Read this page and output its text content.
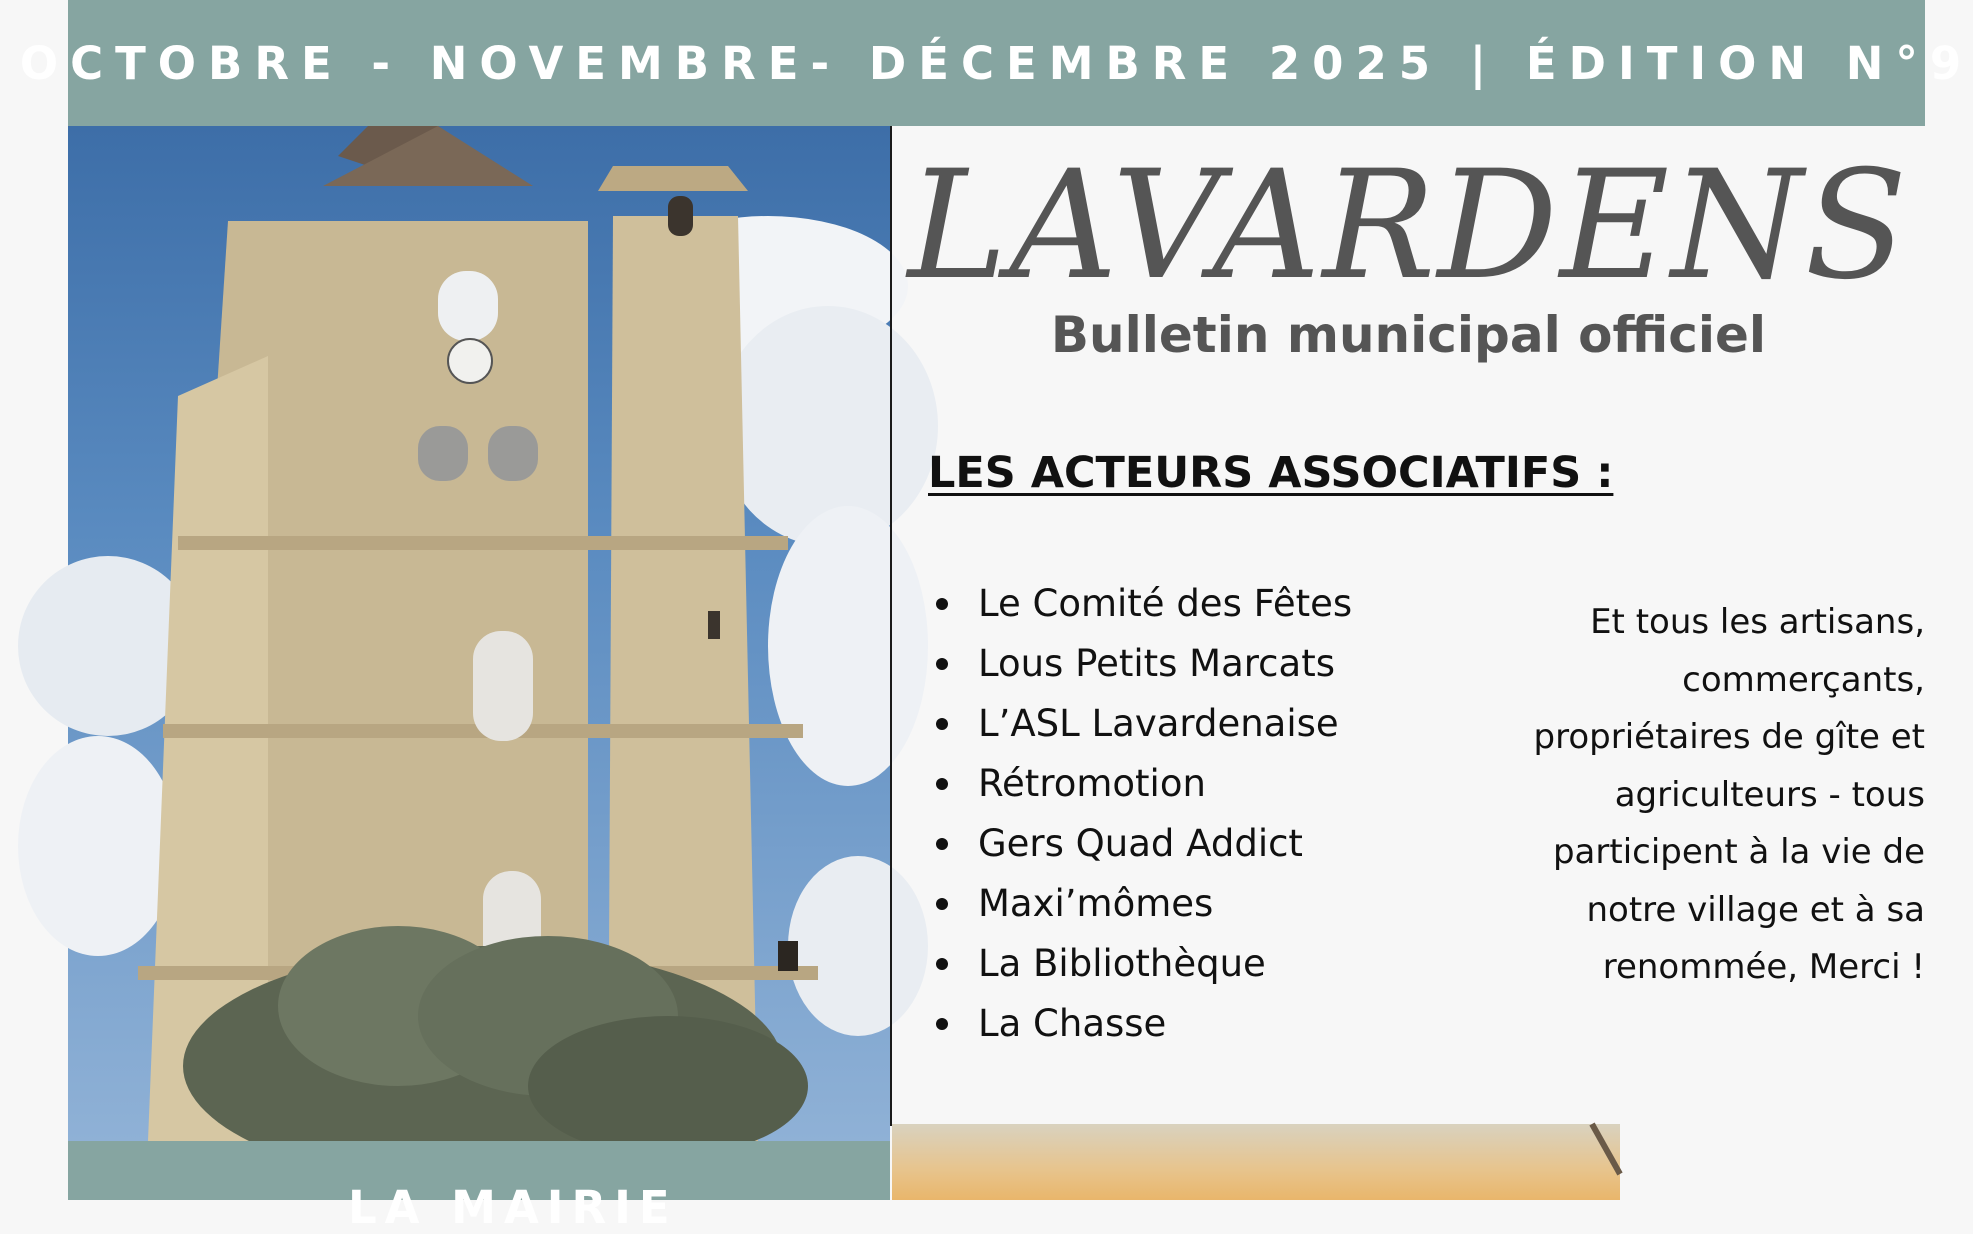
OCTOBRE - NOVEMBRE- DÉCEMBRE 2025 | ÉDITION N°9
LAVARDENS
Bulletin municipal officiel
LES ACTEURS ASSOCIATIFS :
Le Comité des Fêtes
Lous Petits Marcats
L’ASL Lavardenaise
Rétromotion
Gers Quad Addict
Maxi’mômes
La Bibliothèque
La Chasse
Et tous les artisans,
commerçants,
propriétaires de gîte et
agriculteurs - tous
participent à la vie de
notre village et à sa
renommée, Merci !
LA MAIRIE
